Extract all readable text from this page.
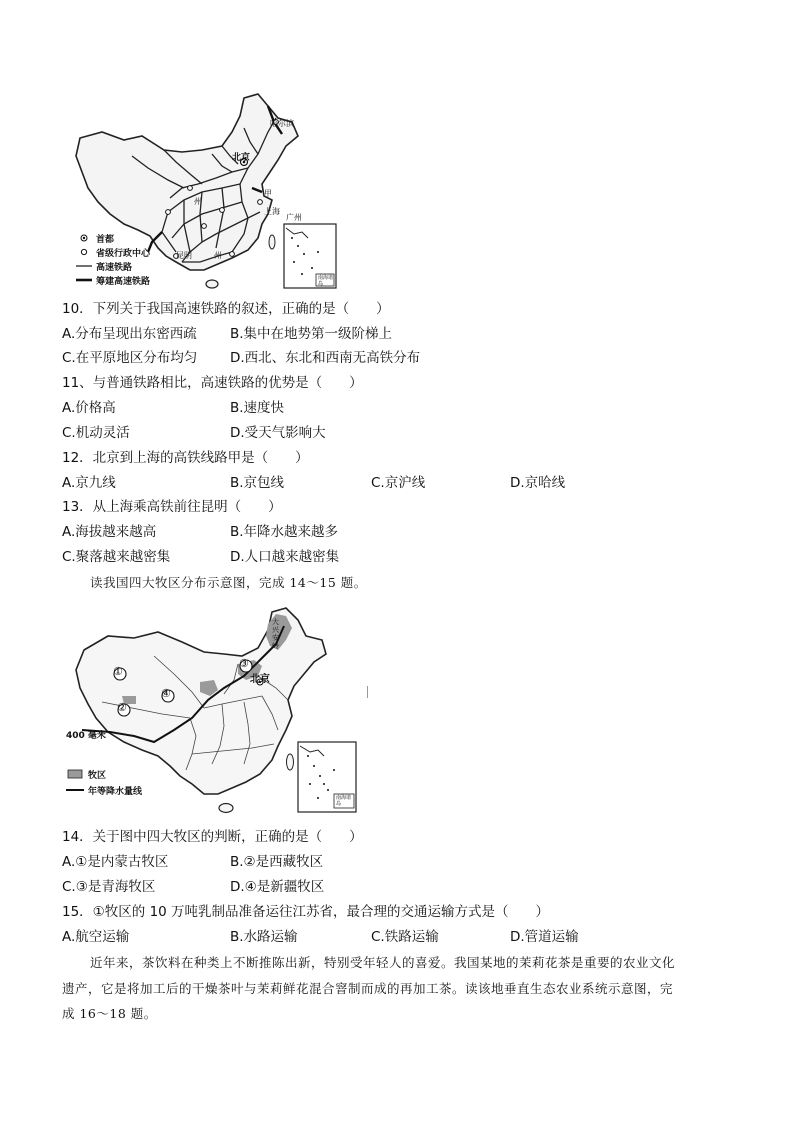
哈尔滨
北京
甲
上海
广州
昆明
州
州
南海诸岛
首都
省级行政中心
高速铁路
筹建高速铁路
10．下列关于我国高速铁路的叙述，正确的是（　　）
A.分布呈现出东密西疏 B.集中在地势第一级阶梯上
C.在平原地区分布均匀 D.西北、东北和西南无高铁分布
11、与普通铁路相比，高速铁路的优势是（　　）
A.价格高	B.速度快
C.机动灵活	D.受天气影响大
12．北京到上海的高铁线路甲是（　　）
A.京九线	B.京包线	C.京沪线	D.京哈线
13．从上海乘高铁前往昆明（　　）
A.海拔越来越高	B.年降水越来越多
C.聚落越来越密集	D.人口越来越密集
读我国四大牧区分布示意图，完成 14～15 题。
①
②
③
④
北京
大兴安岭
400 毫米
南海诸岛
牧区
年等降水量线
14．关于图中四大牧区的判断，正确的是（　　）
A.①是内蒙古牧区	B.②是西藏牧区
C.③是青海牧区	D.④是新疆牧区
15．①牧区的 10 万吨乳制品准备运往江苏省，最合理的交通运输方式是（　　）
A.航空运输	B.水路运输	C.铁路运输	D.管道运输
近年来，茶饮料在种类上不断推陈出新，特别受年轻人的喜爱。我国某地的茉莉花茶是重要的农业文化
遗产，它是将加工后的干燥茶叶与茉莉鲜花混合窨制而成的再加工茶。读该地垂直生态农业系统示意图，完
成 16～18 题。
